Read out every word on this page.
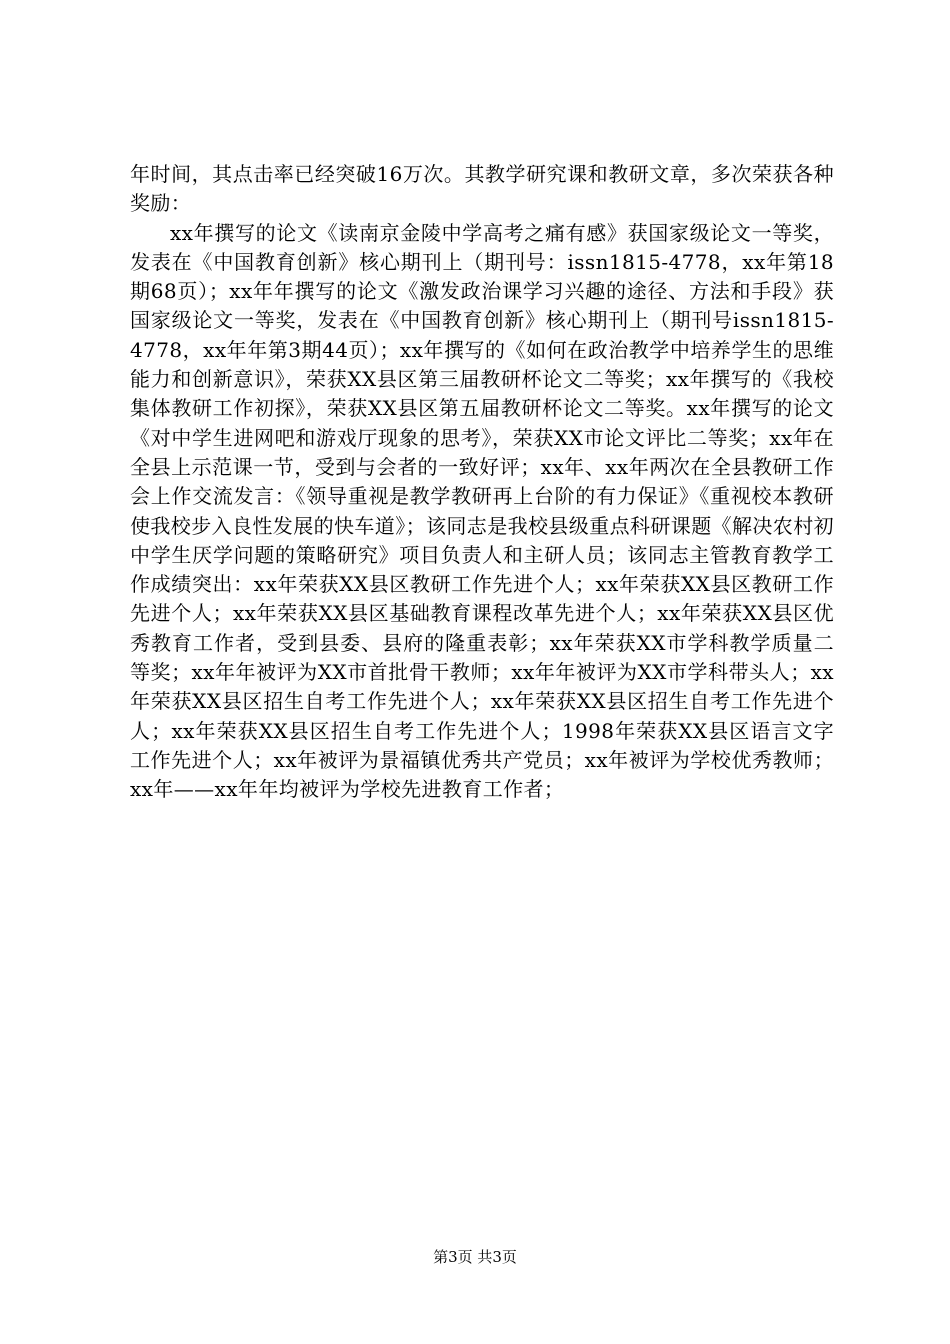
年时间，其点击率已经突破16万次。其教学研究课和教研文章，多次荣获各种奖励：

xx年撰写的论文《读南京金陵中学高考之痛有感》获国家级论文一等奖，发表在《中国教育创新》核心期刊上（期刊号：issn1815-4778，xx年第18期68页）；xx年年撰写的论文《激发政治课学习兴趣的途径、方法和手段》获国家级论文一等奖，发表在《中国教育创新》核心期刊上（期刊号issn1815-4778，xx年年第3期44页）；xx年撰写的《如何在政治教学中培养学生的思维能力和创新意识》，荣获XX县区第三届教研杯论文二等奖；xx年撰写的《我校集体教研工作初探》，荣获XX县区第五届教研杯论文二等奖。xx年撰写的论文《对中学生进网吧和游戏厅现象的思考》，荣获XX市论文评比二等奖；xx年在全县上示范课一节，受到与会者的一致好评；xx年、xx年两次在全县教研工作会上作交流发言：《领导重视是教学教研再上台阶的有力保证》《重视校本教研使我校步入良性发展的快车道》；该同志是我校县级重点科研课题《解决农村初中学生厌学问题的策略研究》项目负责人和主研人员；该同志主管教育教学工作成绩突出：xx年荣获XX县区教研工作先进个人；xx年荣获XX县区教研工作先进个人；xx年荣获XX县区基础教育课程改革先进个人；xx年荣获XX县区优秀教育工作者，受到县委、县府的隆重表彰；xx年荣获XX市学科教学质量二等奖；xx年年被评为XX市首批骨干教师；xx年年被评为XX市学科带头人；xx年荣获XX县区招生自考工作先进个人；xx年荣获XX县区招生自考工作先进个人；xx年荣获XX县区招生自考工作先进个人；1998年荣获XX县区语言文字工作先进个人；xx年被评为景福镇优秀共产党员；xx年被评为学校优秀教师；xx年——xx年年均被评为学校先进教育工作者；

第3页 共3页
